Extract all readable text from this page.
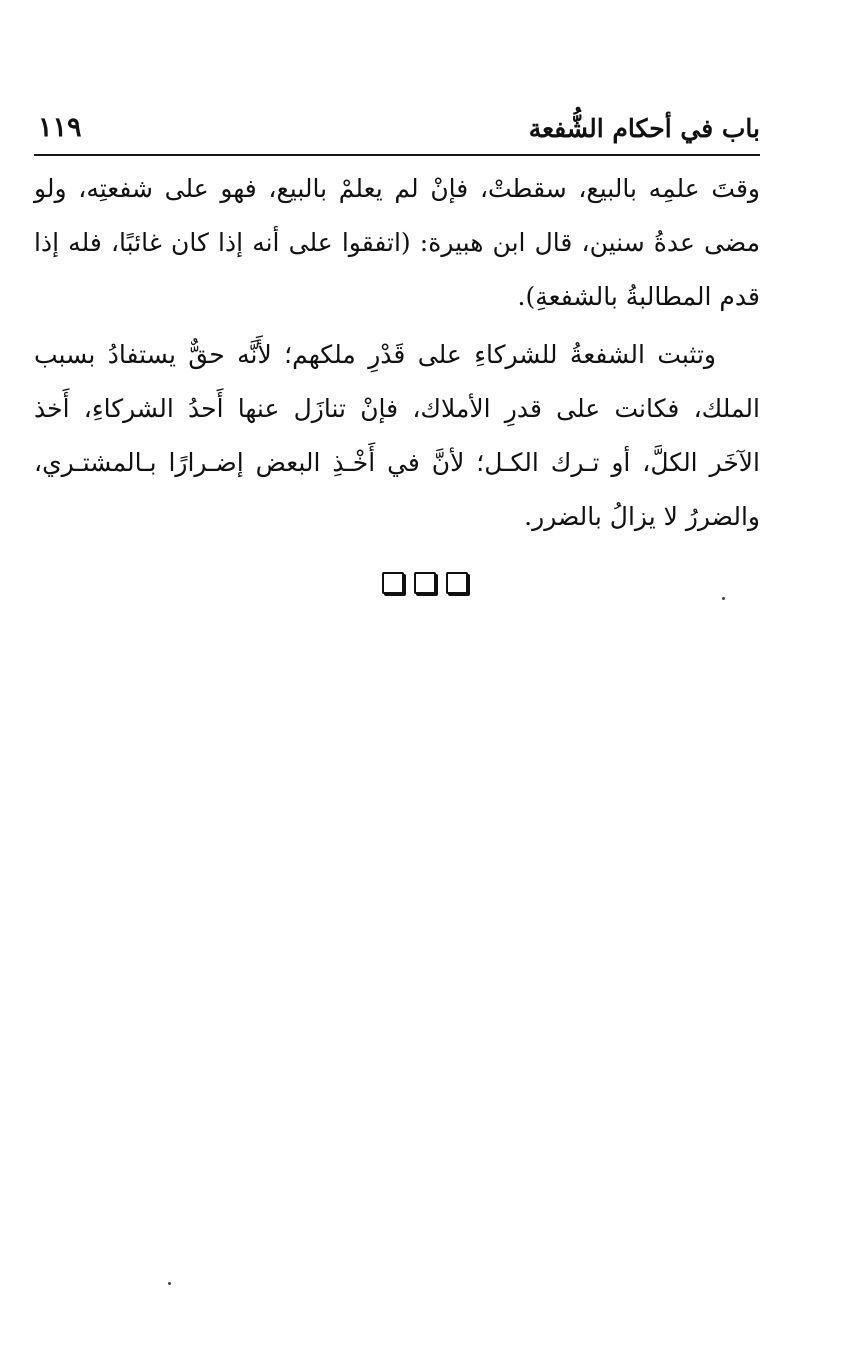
باب في أحكام الشُّفعة
١١٩
وقتَ علمِه بالبيع، سقطتْ، فإنْ لم يعلمْ بالبيع، فهو على شفعتِه، ولو
مضى عدةُ سنين، قال ابن هبيرة: (اتفقوا على أنه إذا كان غائبًا، فله إذا
قدم المطالبةُ بالشفعةِ).
وتثبت الشفعةُ للشركاءِ على قَدْرِ ملكهم؛ لأَنَّه حقٌّ يستفادُ بسبب
الملك، فكانت على قدرِ الأملاك، فإنْ تنازَل عنها أَحدُ الشركاءِ، أَخذ
الآخَر الكلَّ، أو تـرك الكـل؛ لأنَّ في أَخْـذِ البعض إضـرارًا بـالمشتـري،
والضررُ لا يزالُ بالضرر.
